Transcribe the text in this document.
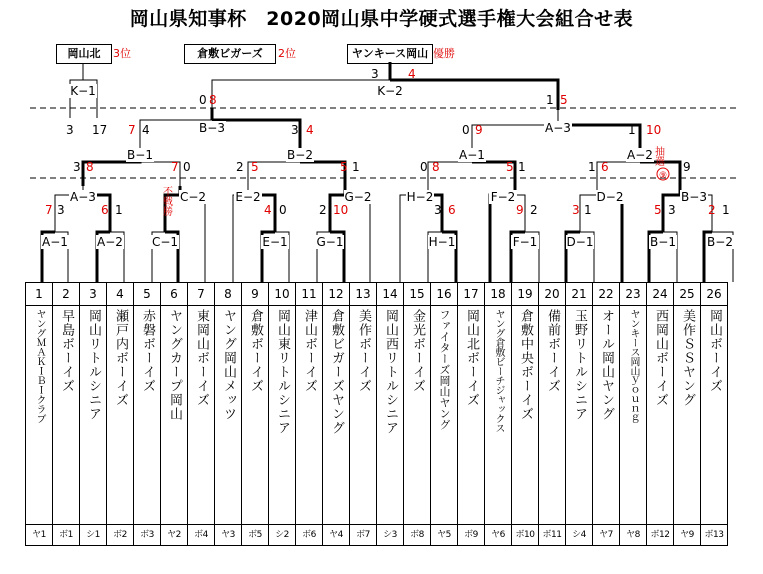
岡山県知事杯　2020岡山県中学硬式選手権大会組合せ表
岡山北	3位	倉敷ビガーズ	2位	ヤンキース岡山 優勝
K−1
3 17
K−2
3 4
B−3
0 8
A−3
1 5
B−1
7 4
B−2
3 4
A−1
0 9
A−2
1 10
A−3
3 8
C−2
7 0
E−2
2 5
G−2
5 1
H−2
0 8
F−2
5 1
D−2
1 6
B−3
9
A−1
7 3
A−2
6 1
C−1	E−1
4 0
G−1
2 10
H−1
3 6
F−1
9 2
D−1
3 1
B−1
5 3
B−2
2 1
不戦勝
抽選
⑨
1	2	3	4	5	6	7	8	9	10	11	12	13	14	15	16	17	18	19	20	21	22	23	24	25	26

ヤングＭＡＫＩＢＩクラブ	早島ボーイズ	岡山リトルシニア	瀬戸内ボーイズ	赤磐ボーイズ	ヤングカープ岡山	東岡山ボーイズ	ヤング岡山メッツ	倉敷ボーイズ	岡山東リトルシニア	津山ボーイズ	倉敷ビガーズヤング	美作ボーイズ	岡山西リトルシニア	金光ボーイズ	ファイターズ岡山ヤング	岡山北ボーイズ	ヤング倉敷ビーチジャックス	倉敷中央ボーイズ	備前ボーイズ	玉野リトルシニア	オール岡山ヤング	ヤンキース岡山ｙｏｕｎｇ	西岡山ボーイズ	美作ＳＳヤング	岡山ボーイズ

ヤ1	ボ1	シ1	ボ2	ボ3	ヤ2	ボ4	ヤ3	ボ5	シ2	ボ6	ヤ4	ボ7	シ3	ボ8	ヤ5	ボ9	ヤ6	ボ10	ボ11	シ4	ヤ7	ヤ8	ボ12	ヤ9	ボ13
